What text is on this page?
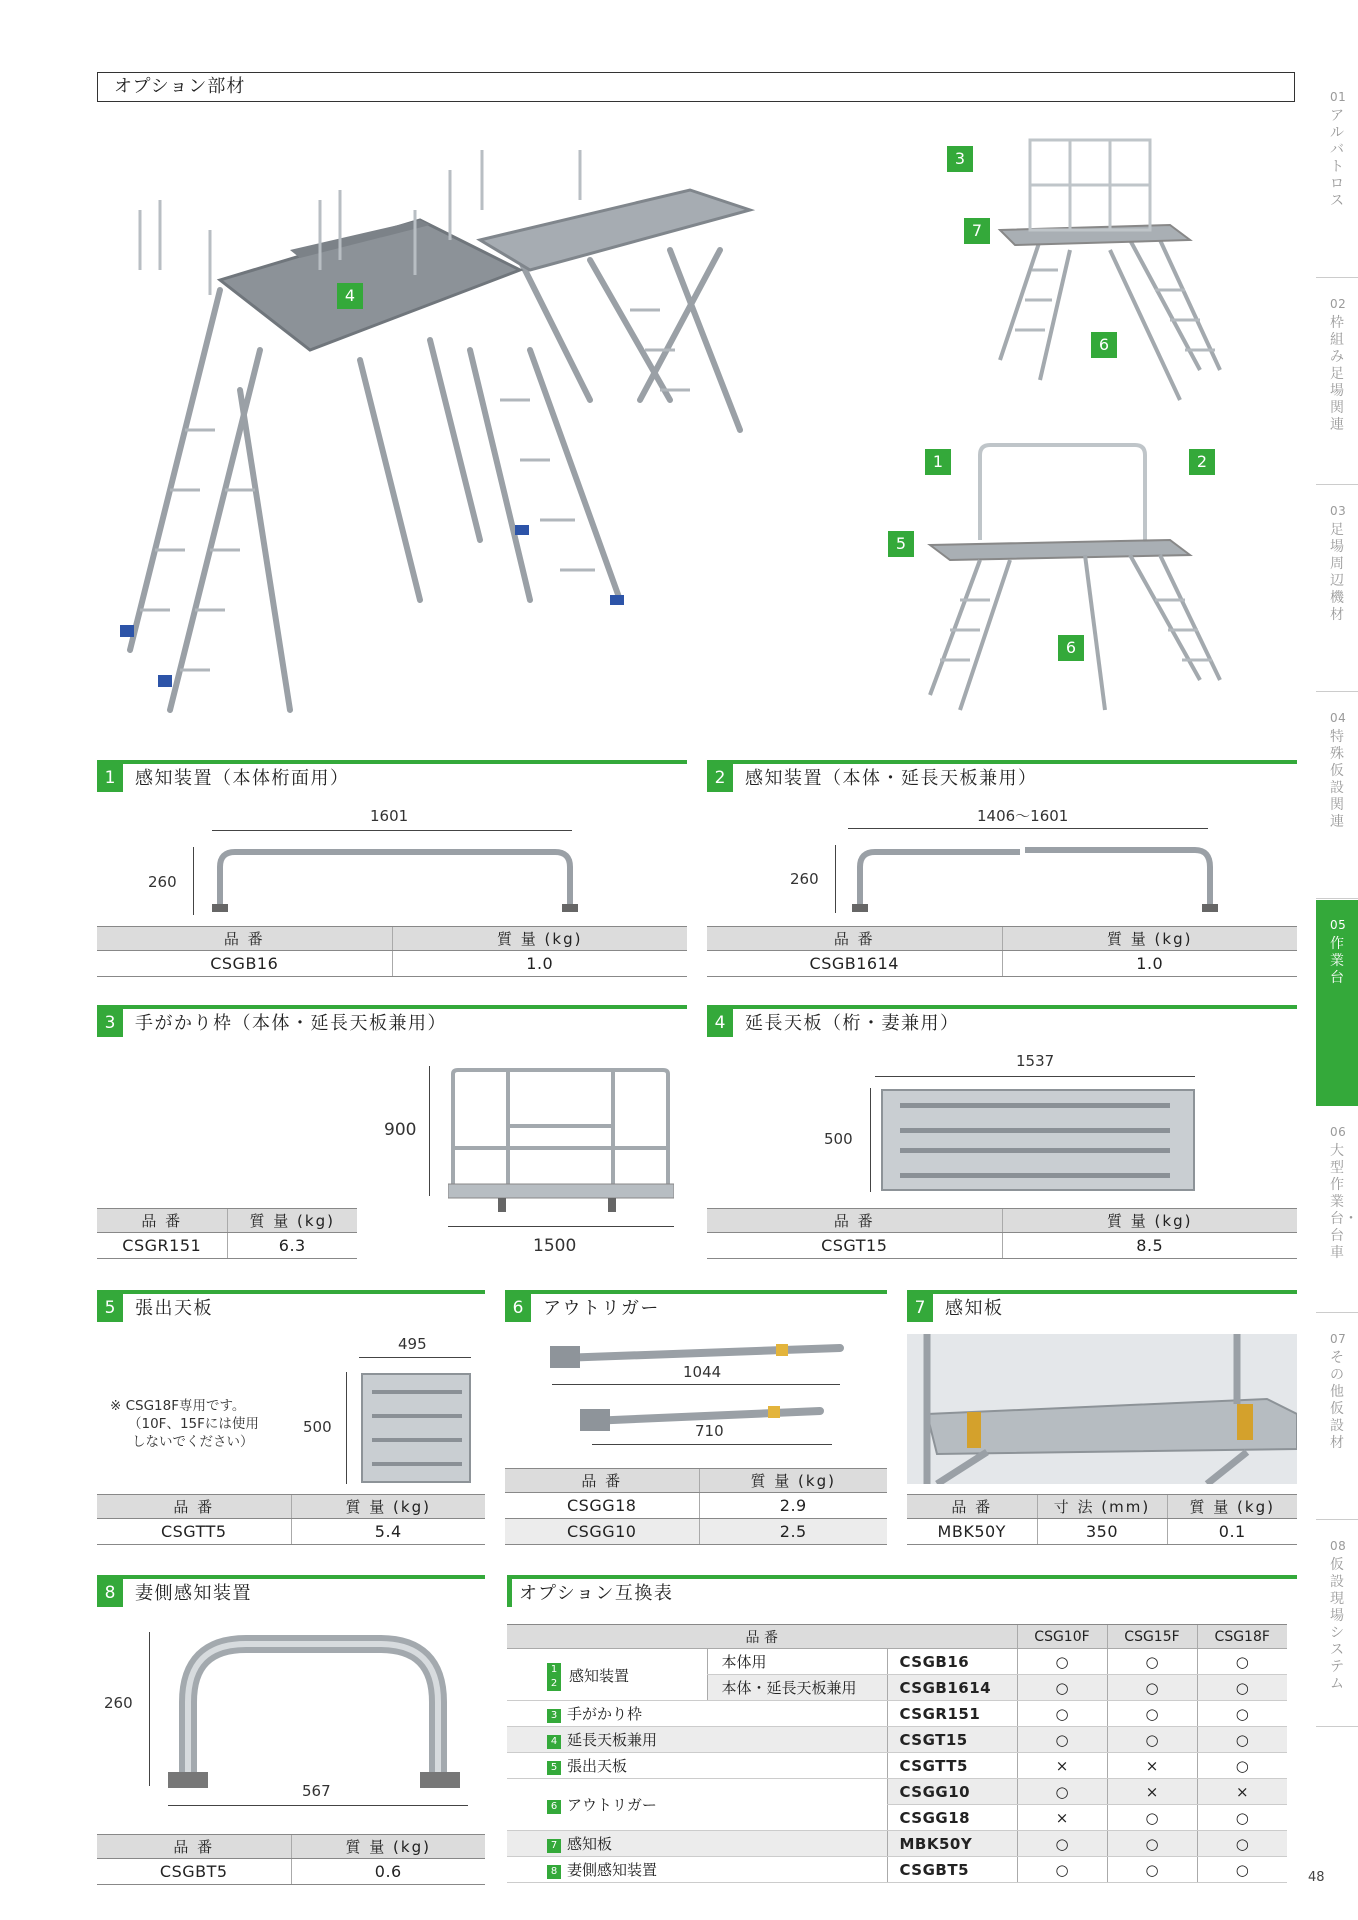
オプション部材	01
アルバトロス
02
枠組み足場関連
03
足場周辺機材
04
特殊仮設関連
05
作業台
06
大型作業台・台車
07
その他仮設材
08
仮設現場システム
48
4
3
7
6
1	2
5
6
1	感知装置（本体桁面用）
1601
260
品 番	質 量 (kg)
CSGB16	1.0
2	感知装置（本体・延長天板兼用）
1406～1601
260
品 番	質 量 (kg)
CSGB1614	1.0
3	手がかり枠（本体・延長天板兼用）
900
1500
品 番	質 量 (kg)
CSGR151	6.3
4	延長天板（桁・妻兼用）
1537
500
品 番	質 量 (kg)
CSGT15	8.5
5	張出天板
※ CSG18F専用です。
（10F、15Fには使用
しないでください）
495
500
品 番	質 量 (kg)
CSGTT5	5.4
6	アウトリガー
1044
710
品 番	質 量 (kg)
CSGG18	2.9
CSGG10	2.5
7	感知板
品 番	寸 法 (mm)	質 量 (kg)
MBK50Y	350	0.1
8	妻側感知装置
260
567
品 番	質 量 (kg)
CSGBT5	0.6
オプション互換表
品 番			CSG10F	CSG15F	CSG18F

1
2 感知装置	本体用	CSGB16	○	○	○
	本体・延長天板兼用	CSGB1614	○	○	○
3 手がかり枠		CSGR151	○	○	○
4 延長天板兼用		CSGT15	○	○	○
5 張出天板		CSGTT5	×	×	○
6 アウトリガー		CSGG10	○	×	×
		CSGG18	×	○	○
7 感知板		MBK50Y	○	○	○
8 妻側感知装置		CSGBT5	○	○	○
